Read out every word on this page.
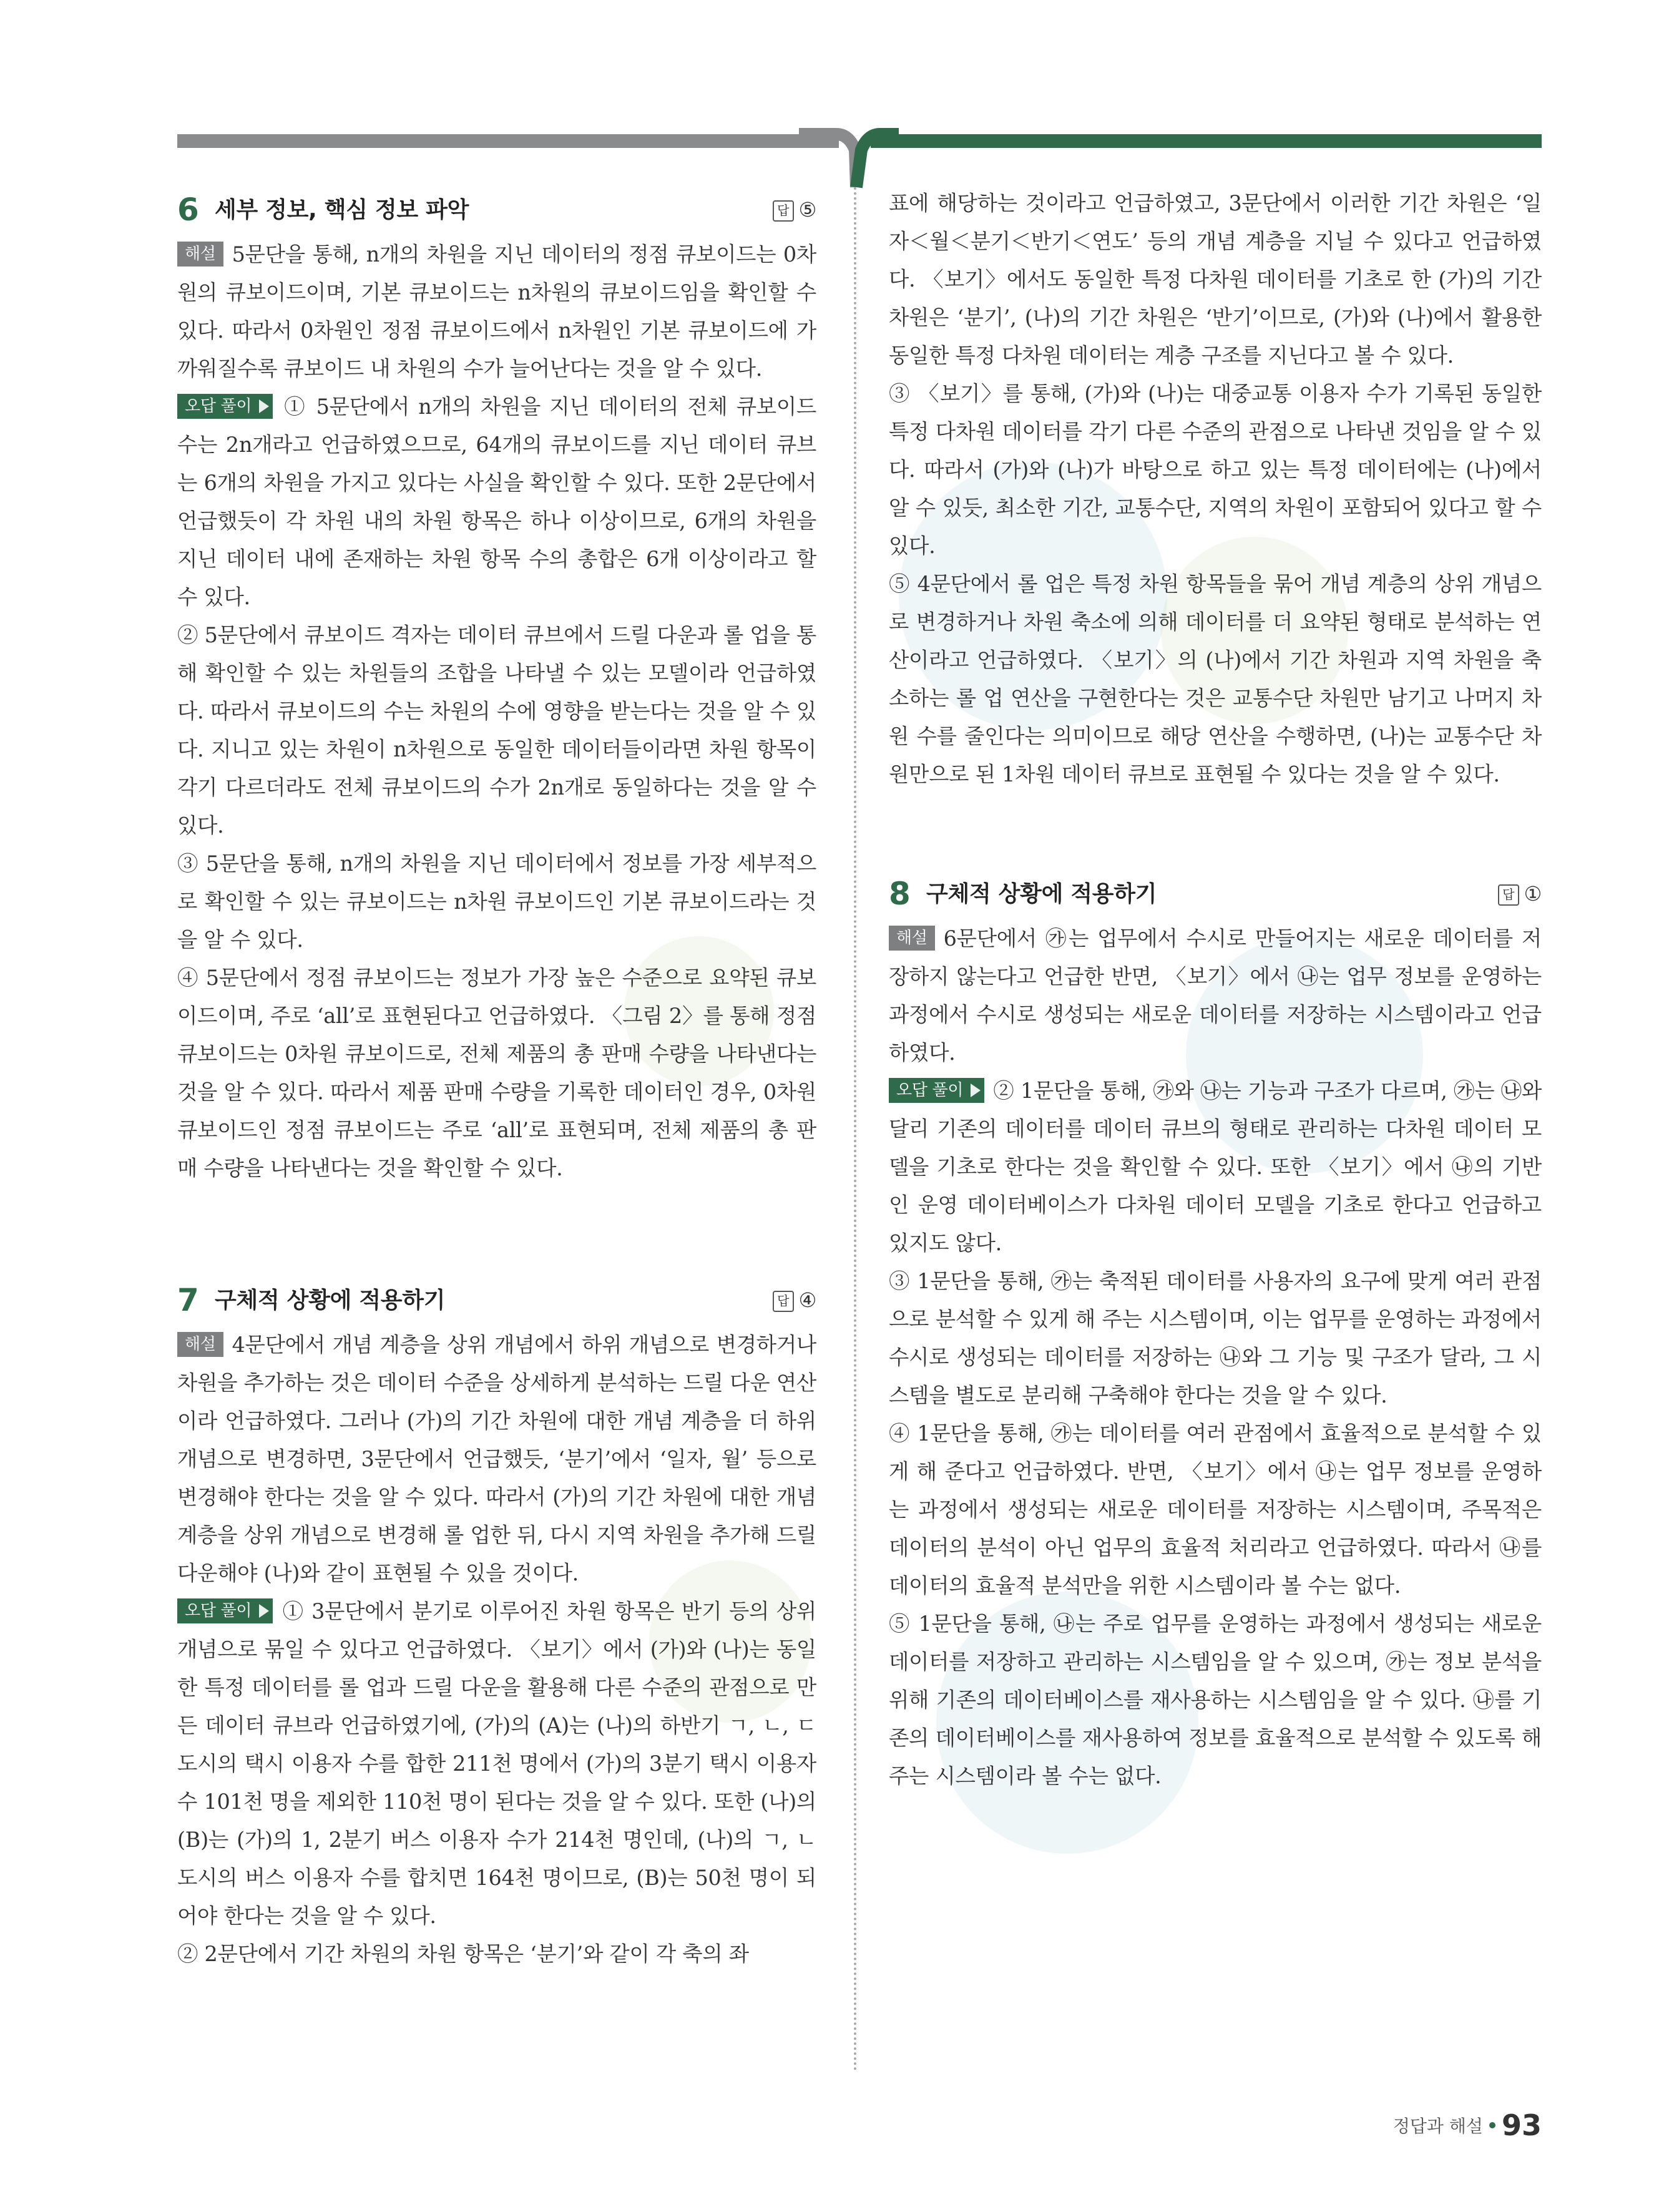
6 세부 정보, 핵심 정보 파악	답 ⑤

해설 5문단을 통해, n개의 차원을 지닌 데이터의 정점 큐보이드는 0차원의 큐보이드이며, 기본 큐보이드는 n차원의 큐보이드임을 확인할 수 있다. 따라서 0차원인 정점 큐보이드에서 n차원인 기본 큐보이드에 가까워질수록 큐보이드 내 차원의 수가 늘어난다는 것을 알 수 있다.

오답 풀이 ① 5문단에서 n개의 차원을 지닌 데이터의 전체 큐보이드 수는 2n개라고 언급하였으므로, 64개의 큐보이드를 지닌 데이터 큐브는 6개의 차원을 가지고 있다는 사실을 확인할 수 있다. 또한 2문단에서 언급했듯이 각 차원 내의 차원 항목은 하나 이상이므로, 6개의 차원을 지닌 데이터 내에 존재하는 차원 항목 수의 총합은 6개 이상이라고 할 수 있다.

② 5문단에서 큐보이드 격자는 데이터 큐브에서 드릴 다운과 롤 업을 통해 확인할 수 있는 차원들의 조합을 나타낼 수 있는 모델이라 언급하였다. 따라서 큐보이드의 수는 차원의 수에 영향을 받는다는 것을 알 수 있다. 지니고 있는 차원이 n차원으로 동일한 데이터들이라면 차원 항목이 각기 다르더라도 전체 큐보이드의 수가 2n개로 동일하다는 것을 알 수 있다.

③ 5문단을 통해, n개의 차원을 지닌 데이터에서 정보를 가장 세부적으로 확인할 수 있는 큐보이드는 n차원 큐보이드인 기본 큐보이드라는 것을 알 수 있다.

④ 5문단에서 정점 큐보이드는 정보가 가장 높은 수준으로 요약된 큐보이드이며, 주로 ‘all’로 표현된다고 언급하였다. 〈그림 2〉를 통해 정점 큐보이드는 0차원 큐보이드로, 전체 제품의 총 판매 수량을 나타낸다는 것을 알 수 있다. 따라서 제품 판매 수량을 기록한 데이터인 경우, 0차원 큐보이드인 정점 큐보이드는 주로 ‘all’로 표현되며, 전체 제품의 총 판매 수량을 나타낸다는 것을 확인할 수 있다.

7 구체적 상황에 적용하기	답 ④

해설 4문단에서 개념 계층을 상위 개념에서 하위 개념으로 변경하거나 차원을 추가하는 것은 데이터 수준을 상세하게 분석하는 드릴 다운 연산이라 언급하였다. 그러나 (가)의 기간 차원에 대한 개념 계층을 더 하위 개념으로 변경하면, 3문단에서 언급했듯, ‘분기’에서 ‘일자, 월’ 등으로 변경해야 한다는 것을 알 수 있다. 따라서 (가)의 기간 차원에 대한 개념 계층을 상위 개념으로 변경해 롤 업한 뒤, 다시 지역 차원을 추가해 드릴 다운해야 (나)와 같이 표현될 수 있을 것이다.

오답 풀이 ① 3문단에서 분기로 이루어진 차원 항목은 반기 등의 상위 개념으로 묶일 수 있다고 언급하였다. 〈보기〉에서 (가)와 (나)는 동일한 특정 데이터를 롤 업과 드릴 다운을 활용해 다른 수준의 관점으로 만든 데이터 큐브라 언급하였기에, (가)의 (A)는 (나)의 하반기 ㄱ, ㄴ, ㄷ 도시의 택시 이용자 수를 합한 211천 명에서 (가)의 3분기 택시 이용자 수 101천 명을 제외한 110천 명이 된다는 것을 알 수 있다. 또한 (나)의 (B)는 (가)의 1, 2분기 버스 이용자 수가 214천 명인데, (나)의 ㄱ, ㄴ 도시의 버스 이용자 수를 합치면 164천 명이므로, (B)는 50천 명이 되어야 한다는 것을 알 수 있다.

② 2문단에서 기간 차원의 차원 항목은 ‘분기’와 같이 각 축의 좌

표에 해당하는 것이라고 언급하였고, 3문단에서 이러한 기간 차원은 ‘일자＜월＜분기＜반기＜연도’ 등의 개념 계층을 지닐 수 있다고 언급하였다. 〈보기〉에서도 동일한 특정 다차원 데이터를 기초로 한 (가)의 기간 차원은 ‘분기’, (나)의 기간 차원은 ‘반기’이므로, (가)와 (나)에서 활용한 동일한 특정 다차원 데이터는 계층 구조를 지닌다고 볼 수 있다.

③ 〈보기〉를 통해, (가)와 (나)는 대중교통 이용자 수가 기록된 동일한 특정 다차원 데이터를 각기 다른 수준의 관점으로 나타낸 것임을 알 수 있다. 따라서 (가)와 (나)가 바탕으로 하고 있는 특정 데이터에는 (나)에서 알 수 있듯, 최소한 기간, 교통수단, 지역의 차원이 포함되어 있다고 할 수 있다.

⑤ 4문단에서 롤 업은 특정 차원 항목들을 묶어 개념 계층의 상위 개념으로 변경하거나 차원 축소에 의해 데이터를 더 요약된 형태로 분석하는 연산이라고 언급하였다. 〈보기〉의 (나)에서 기간 차원과 지역 차원을 축소하는 롤 업 연산을 구현한다는 것은 교통수단 차원만 남기고 나머지 차원 수를 줄인다는 의미이므로 해당 연산을 수행하면, (나)는 교통수단 차원만으로 된 1차원 데이터 큐브로 표현될 수 있다는 것을 알 수 있다.

8 구체적 상황에 적용하기	답 ①

해설 6문단에서 ㉮는 업무에서 수시로 만들어지는 새로운 데이터를 저장하지 않는다고 언급한 반면, 〈보기〉에서 ㉯는 업무 정보를 운영하는 과정에서 수시로 생성되는 새로운 데이터를 저장하는 시스템이라고 언급하였다.

오답 풀이 ② 1문단을 통해, ㉮와 ㉯는 기능과 구조가 다르며, ㉮는 ㉯와 달리 기존의 데이터를 데이터 큐브의 형태로 관리하는 다차원 데이터 모델을 기초로 한다는 것을 확인할 수 있다. 또한 〈보기〉에서 ㉯의 기반인 운영 데이터베이스가 다차원 데이터 모델을 기초로 한다고 언급하고 있지도 않다.

③ 1문단을 통해, ㉮는 축적된 데이터를 사용자의 요구에 맞게 여러 관점으로 분석할 수 있게 해 주는 시스템이며, 이는 업무를 운영하는 과정에서 수시로 생성되는 데이터를 저장하는 ㉯와 그 기능 및 구조가 달라, 그 시스템을 별도로 분리해 구축해야 한다는 것을 알 수 있다.

④ 1문단을 통해, ㉮는 데이터를 여러 관점에서 효율적으로 분석할 수 있게 해 준다고 언급하였다. 반면, 〈보기〉에서 ㉯는 업무 정보를 운영하는 과정에서 생성되는 새로운 데이터를 저장하는 시스템이며, 주목적은 데이터의 분석이 아닌 업무의 효율적 처리라고 언급하였다. 따라서 ㉯를 데이터의 효율적 분석만을 위한 시스템이라 볼 수는 없다.

⑤ 1문단을 통해, ㉯는 주로 업무를 운영하는 과정에서 생성되는 새로운 데이터를 저장하고 관리하는 시스템임을 알 수 있으며, ㉮는 정보 분석을 위해 기존의 데이터베이스를 재사용하는 시스템임을 알 수 있다. ㉯를 기존의 데이터베이스를 재사용하여 정보를 효율적으로 분석할 수 있도록 해 주는 시스템이라 볼 수는 없다.

정답과 해설 93
